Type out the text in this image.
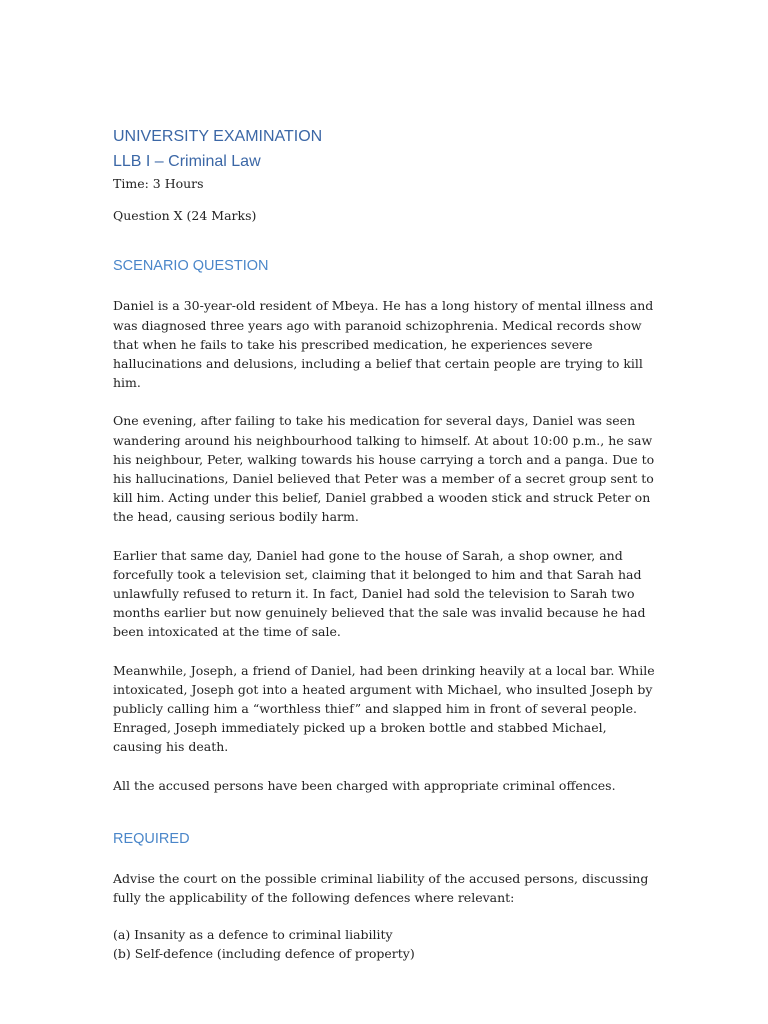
UNIVERSITY EXAMINATION
LLB I – Criminal Law

Time: 3 Hours

Question X (24 Marks)

SCENARIO QUESTION

Daniel is a 30-year-old resident of Mbeya. He has a long history of mental illness and was diagnosed three years ago with paranoid schizophrenia. Medical records show that when he fails to take his prescribed medication, he experiences severe hallucinations and delusions, including a belief that certain people are trying to kill him.

One evening, after failing to take his medication for several days, Daniel was seen wandering around his neighbourhood talking to himself. At about 10:00 p.m., he saw his neighbour, Peter, walking towards his house carrying a torch and a panga. Due to his hallucinations, Daniel believed that Peter was a member of a secret group sent to kill him. Acting under this belief, Daniel grabbed a wooden stick and struck Peter on the head, causing serious bodily harm.

Earlier that same day, Daniel had gone to the house of Sarah, a shop owner, and forcefully took a television set, claiming that it belonged to him and that Sarah had unlawfully refused to return it. In fact, Daniel had sold the television to Sarah two months earlier but now genuinely believed that the sale was invalid because he had been intoxicated at the time of sale.

Meanwhile, Joseph, a friend of Daniel, had been drinking heavily at a local bar. While intoxicated, Joseph got into a heated argument with Michael, who insulted Joseph by publicly calling him a “worthless thief” and slapped him in front of several people. Enraged, Joseph immediately picked up a broken bottle and stabbed Michael, causing his death.

All the accused persons have been charged with appropriate criminal offences.

REQUIRED

Advise the court on the possible criminal liability of the accused persons, discussing fully the applicability of the following defences where relevant:

(a) Insanity as a defence to criminal liability
(b) Self-defence (including defence of property)
